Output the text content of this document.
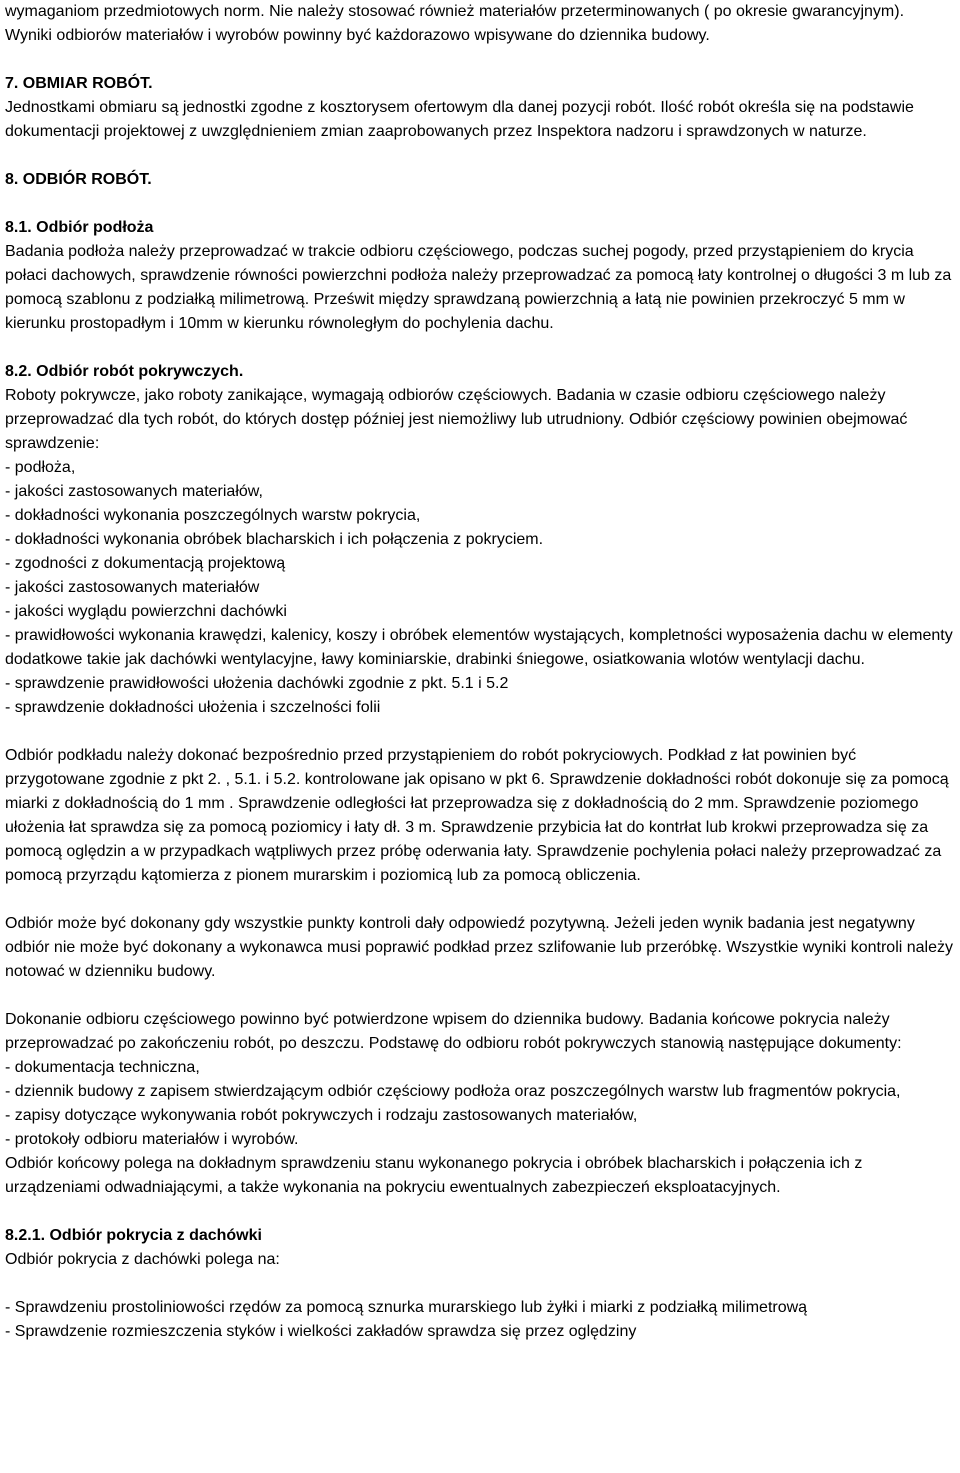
wymaganiom przedmiotowych norm. Nie należy stosować również materiałów przeterminowanych ( po okresie gwarancyjnym). Wyniki odbiorów materiałów i wyrobów powinny być każdorazowo wpisywane do dziennika budowy.

7. OBMIAR ROBÓT.

Jednostkami obmiaru są jednostki zgodne z kosztorysem ofertowym dla danej pozycji robót. Ilość robót określa się na podstawie dokumentacji projektowej z uwzględnieniem zmian zaaprobowanych przez Inspektora nadzoru i sprawdzonych w naturze.

8. ODBIÓR ROBÓT.

8.1. Odbiór podłoża

Badania podłoża należy przeprowadzać w trakcie odbioru częściowego, podczas suchej pogody, przed przystąpieniem do krycia połaci dachowych, sprawdzenie równości powierzchni podłoża należy przeprowadzać za pomocą łaty kontrolnej o długości 3 m lub za pomocą szablonu z podziałką milimetrową. Prześwit między sprawdzaną powierzchnią a łatą nie powinien przekroczyć 5 mm w kierunku prostopadłym i 10mm w kierunku równoległym do pochylenia dachu.

8.2. Odbiór robót pokrywczych.

Roboty pokrywcze, jako roboty zanikające, wymagają odbiorów częściowych. Badania w czasie odbioru częściowego należy przeprowadzać dla tych robót, do których dostęp później jest niemożliwy lub utrudniony. Odbiór częściowy powinien obejmować sprawdzenie:

- podłoża,
- jakości zastosowanych materiałów,
- dokładności wykonania poszczególnych warstw pokrycia,
- dokładności wykonania obróbek blacharskich i ich połączenia z pokryciem.
- zgodności z dokumentacją projektową
- jakości zastosowanych materiałów
- jakości wyglądu powierzchni dachówki
- prawidłowości wykonania krawędzi, kalenicy, koszy i obróbek elementów wystających, kompletności wyposażenia dachu w elementy dodatkowe takie jak dachówki wentylacyjne, ławy kominiarskie, drabinki śniegowe, osiatkowania wlotów wentylacji dachu.
- sprawdzenie prawidłowości ułożenia dachówki zgodnie z pkt. 5.1 i 5.2
- sprawdzenie dokładności ułożenia i szczelności folii

Odbiór podkładu należy dokonać bezpośrednio przed przystąpieniem do robót pokryciowych. Podkład z łat powinien być przygotowane zgodnie z pkt 2. , 5.1. i 5.2. kontrolowane jak opisano w pkt 6. Sprawdzenie dokładności robót dokonuje się za pomocą miarki z dokładnością do 1 mm . Sprawdzenie odległości łat przeprowadza się z dokładnością do 2 mm. Sprawdzenie poziomego ułożenia łat sprawdza się za pomocą poziomicy i łaty dł. 3 m. Sprawdzenie przybicia łat do kontrłat lub krokwi przeprowadza się za pomocą oględzin a w przypadkach wątpliwych przez próbę oderwania łaty. Sprawdzenie pochylenia połaci należy przeprowadzać za pomocą przyrządu kątomierza z pionem murarskim i poziomicą lub za pomocą obliczenia.

Odbiór może być dokonany gdy wszystkie punkty kontroli dały odpowiedź pozytywną. Jeżeli jeden wynik badania jest negatywny odbiór nie może być dokonany a wykonawca musi poprawić podkład przez szlifowanie lub przeróbkę. Wszystkie wyniki kontroli należy notować w dzienniku budowy.

Dokonanie odbioru częściowego powinno być potwierdzone wpisem do dziennika budowy. Badania końcowe pokrycia należy przeprowadzać po zakończeniu robót, po deszczu. Podstawę do odbioru robót pokrywczych stanowią następujące dokumenty:

- dokumentacja techniczna,
- dziennik budowy z zapisem stwierdzającym odbiór częściowy podłoża oraz poszczególnych warstw lub fragmentów pokrycia,
- zapisy dotyczące wykonywania robót pokrywczych i rodzaju zastosowanych materiałów,
- protokoły odbioru materiałów i wyrobów.

Odbiór końcowy polega na dokładnym sprawdzeniu stanu wykonanego pokrycia i obróbek blacharskich i połączenia ich z urządzeniami odwadniającymi, a także wykonania na pokryciu ewentualnych zabezpieczeń eksploatacyjnych.

8.2.1. Odbiór pokrycia z dachówki

Odbiór pokrycia z dachówki polega na:

- Sprawdzeniu prostoliniowości rzędów za pomocą sznurka murarskiego lub żyłki i miarki z podziałką milimetrową
- Sprawdzenie rozmieszczenia styków i wielkości zakładów sprawdza się przez oględziny
